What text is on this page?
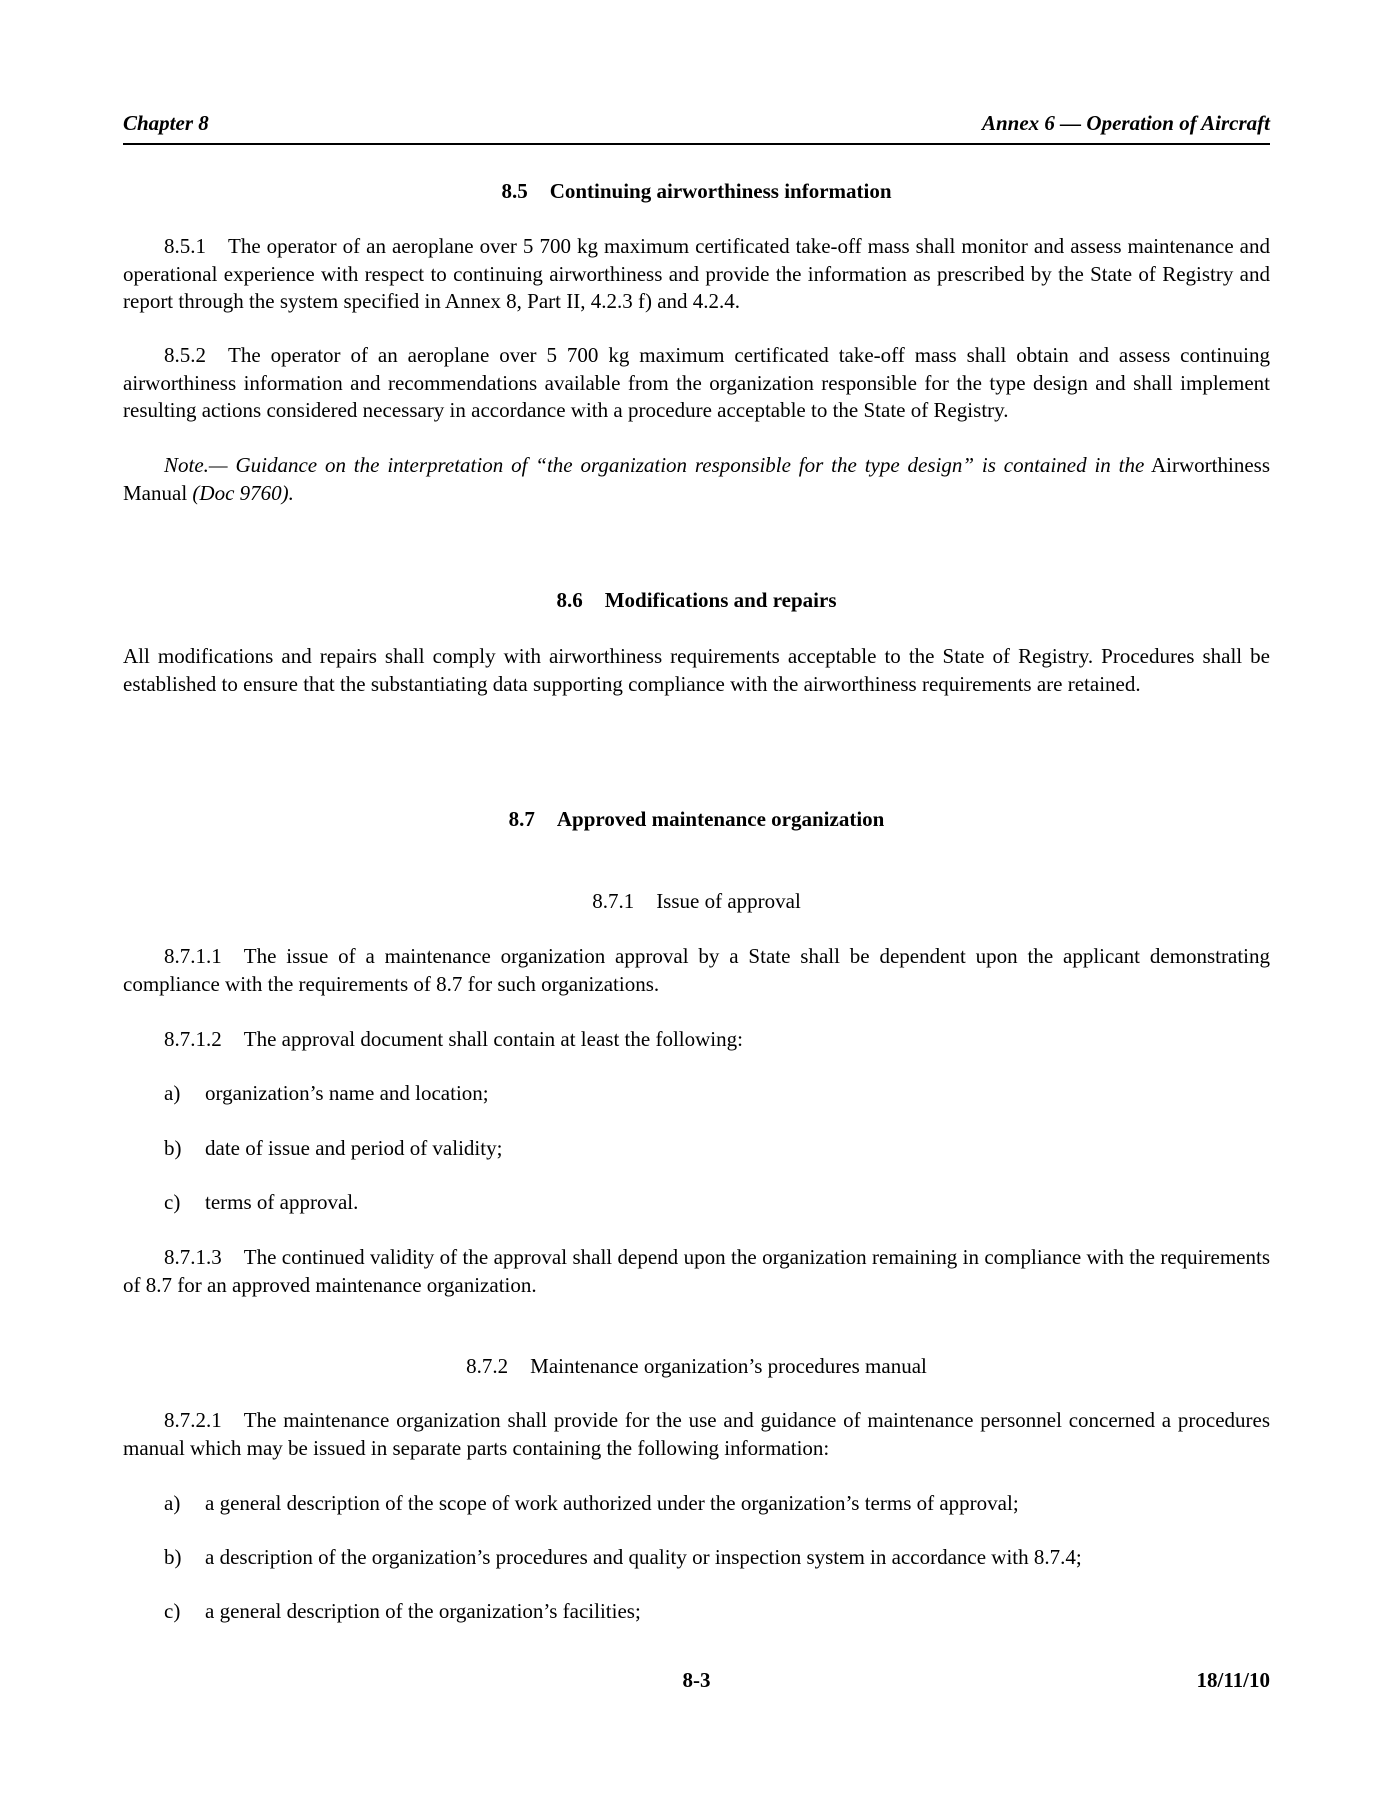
Chapter 8	Annex 6 — Operation of Aircraft
8.5 Continuing airworthiness information
8.5.1 The operator of an aeroplane over 5 700 kg maximum certificated take-off mass shall monitor and assess maintenance and operational experience with respect to continuing airworthiness and provide the information as prescribed by the State of Registry and report through the system specified in Annex 8, Part II, 4.2.3 f) and 4.2.4.
8.5.2 The operator of an aeroplane over 5 700 kg maximum certificated take-off mass shall obtain and assess continuing airworthiness information and recommendations available from the organization responsible for the type design and shall implement resulting actions considered necessary in accordance with a procedure acceptable to the State of Registry.
Note.— Guidance on the interpretation of “the organization responsible for the type design” is contained in the Airworthiness Manual (Doc 9760).
8.6 Modifications and repairs
All modifications and repairs shall comply with airworthiness requirements acceptable to the State of Registry. Procedures shall be established to ensure that the substantiating data supporting compliance with the airworthiness requirements are retained.
8.7 Approved maintenance organization
8.7.1 Issue of approval
8.7.1.1 The issue of a maintenance organization approval by a State shall be dependent upon the applicant demonstrating compliance with the requirements of 8.7 for such organizations.
8.7.1.2 The approval document shall contain at least the following:
a) organization’s name and location;
b) date of issue and period of validity;
c) terms of approval.
8.7.1.3 The continued validity of the approval shall depend upon the organization remaining in compliance with the requirements of 8.7 for an approved maintenance organization.
8.7.2 Maintenance organization’s procedures manual
8.7.2.1 The maintenance organization shall provide for the use and guidance of maintenance personnel concerned a procedures manual which may be issued in separate parts containing the following information:
a) a general description of the scope of work authorized under the organization’s terms of approval;
b) a description of the organization’s procedures and quality or inspection system in accordance with 8.7.4;
c) a general description of the organization’s facilities;
8-3	18/11/10
